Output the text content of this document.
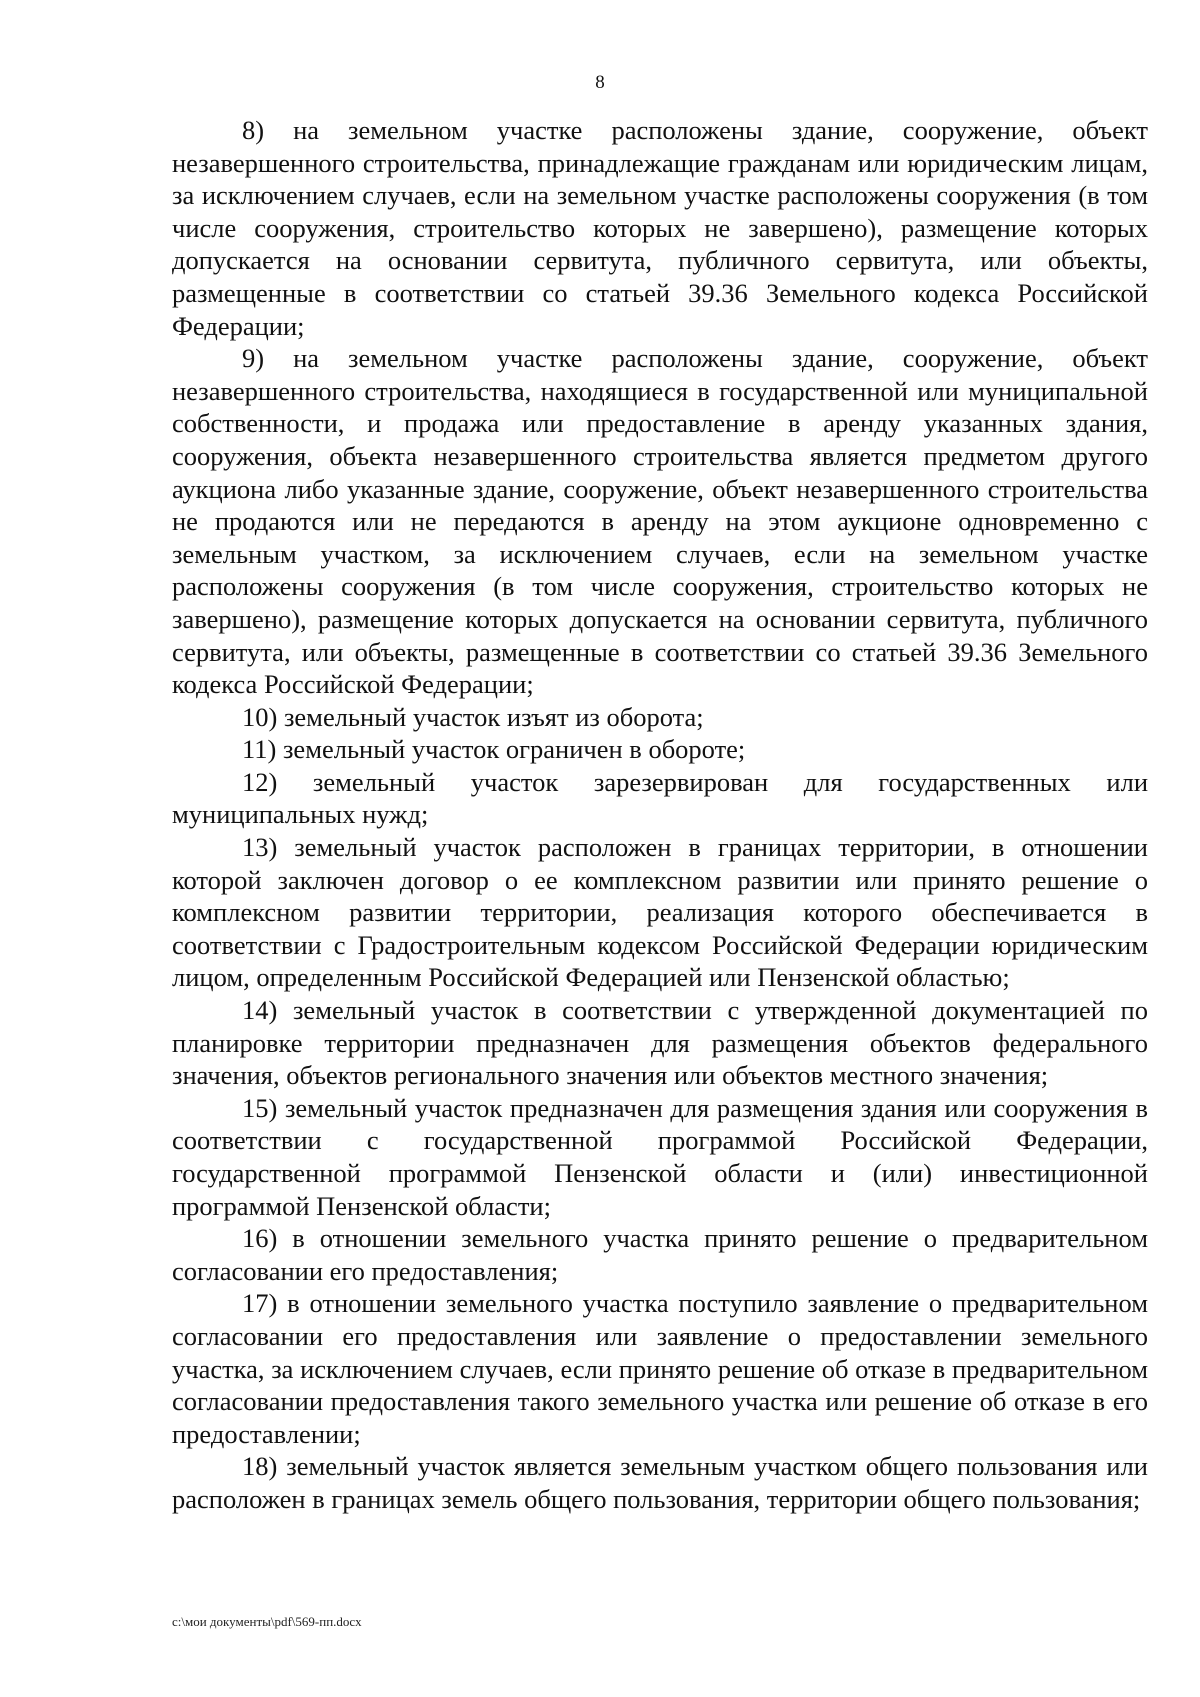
8

8) на земельном участке расположены здание, сооружение, объект незавершенного строительства, принадлежащие гражданам или юридическим лицам, за исключением случаев, если на земельном участке расположены сооружения (в том числе сооружения, строительство которых не завершено), размещение которых допускается на основании сервитута, публичного сервитута, или объекты, размещенные в соответствии со статьей 39.36 Земельного кодекса Российской Федерации;

9) на земельном участке расположены здание, сооружение, объект незавершенного строительства, находящиеся в государственной или муниципальной собственности, и продажа или предоставление в аренду указанных здания, сооружения, объекта незавершенного строительства является предметом другого аукциона либо указанные здание, сооружение, объект незавершенного строительства не продаются или не передаются в аренду на этом аукционе одновременно с земельным участком, за исключением случаев, если на земельном участке расположены сооружения (в том числе сооружения, строительство которых не завершено), размещение которых допускается на основании сервитута, публичного сервитута, или объекты, размещенные в соответствии со статьей 39.36 Земельного кодекса Российской Федерации;

10) земельный участок изъят из оборота;

11) земельный участок ограничен в обороте;

12) земельный участок зарезервирован для государственных или муниципальных нужд;

13) земельный участок расположен в границах территории, в отношении которой заключен договор о ее комплексном развитии или принято решение о комплексном развитии территории, реализация которого обеспечивается в соответствии с Градостроительным кодексом Российской Федерации юридическим лицом, определенным Российской Федерацией или Пензенской областью;

14) земельный участок в соответствии с утвержденной документацией по планировке территории предназначен для размещения объектов федерального значения, объектов регионального значения или объектов местного значения;

15) земельный участок предназначен для размещения здания или сооружения в соответствии с государственной программой Российской Федерации, государственной программой Пензенской области и (или) инвестиционной программой Пензенской области;

16) в отношении земельного участка принято решение о предварительном согласовании его предоставления;

17) в отношении земельного участка поступило заявление о предварительном согласовании его предоставления или заявление о предоставлении земельного участка, за исключением случаев, если принято решение об отказе в предварительном согласовании предоставления такого земельного участка или решение об отказе в его предоставлении;

18) земельный участок является земельным участком общего пользования или расположен в границах земель общего пользования, территории общего пользования;

c:\мои документы\pdf\569-пп.docx
